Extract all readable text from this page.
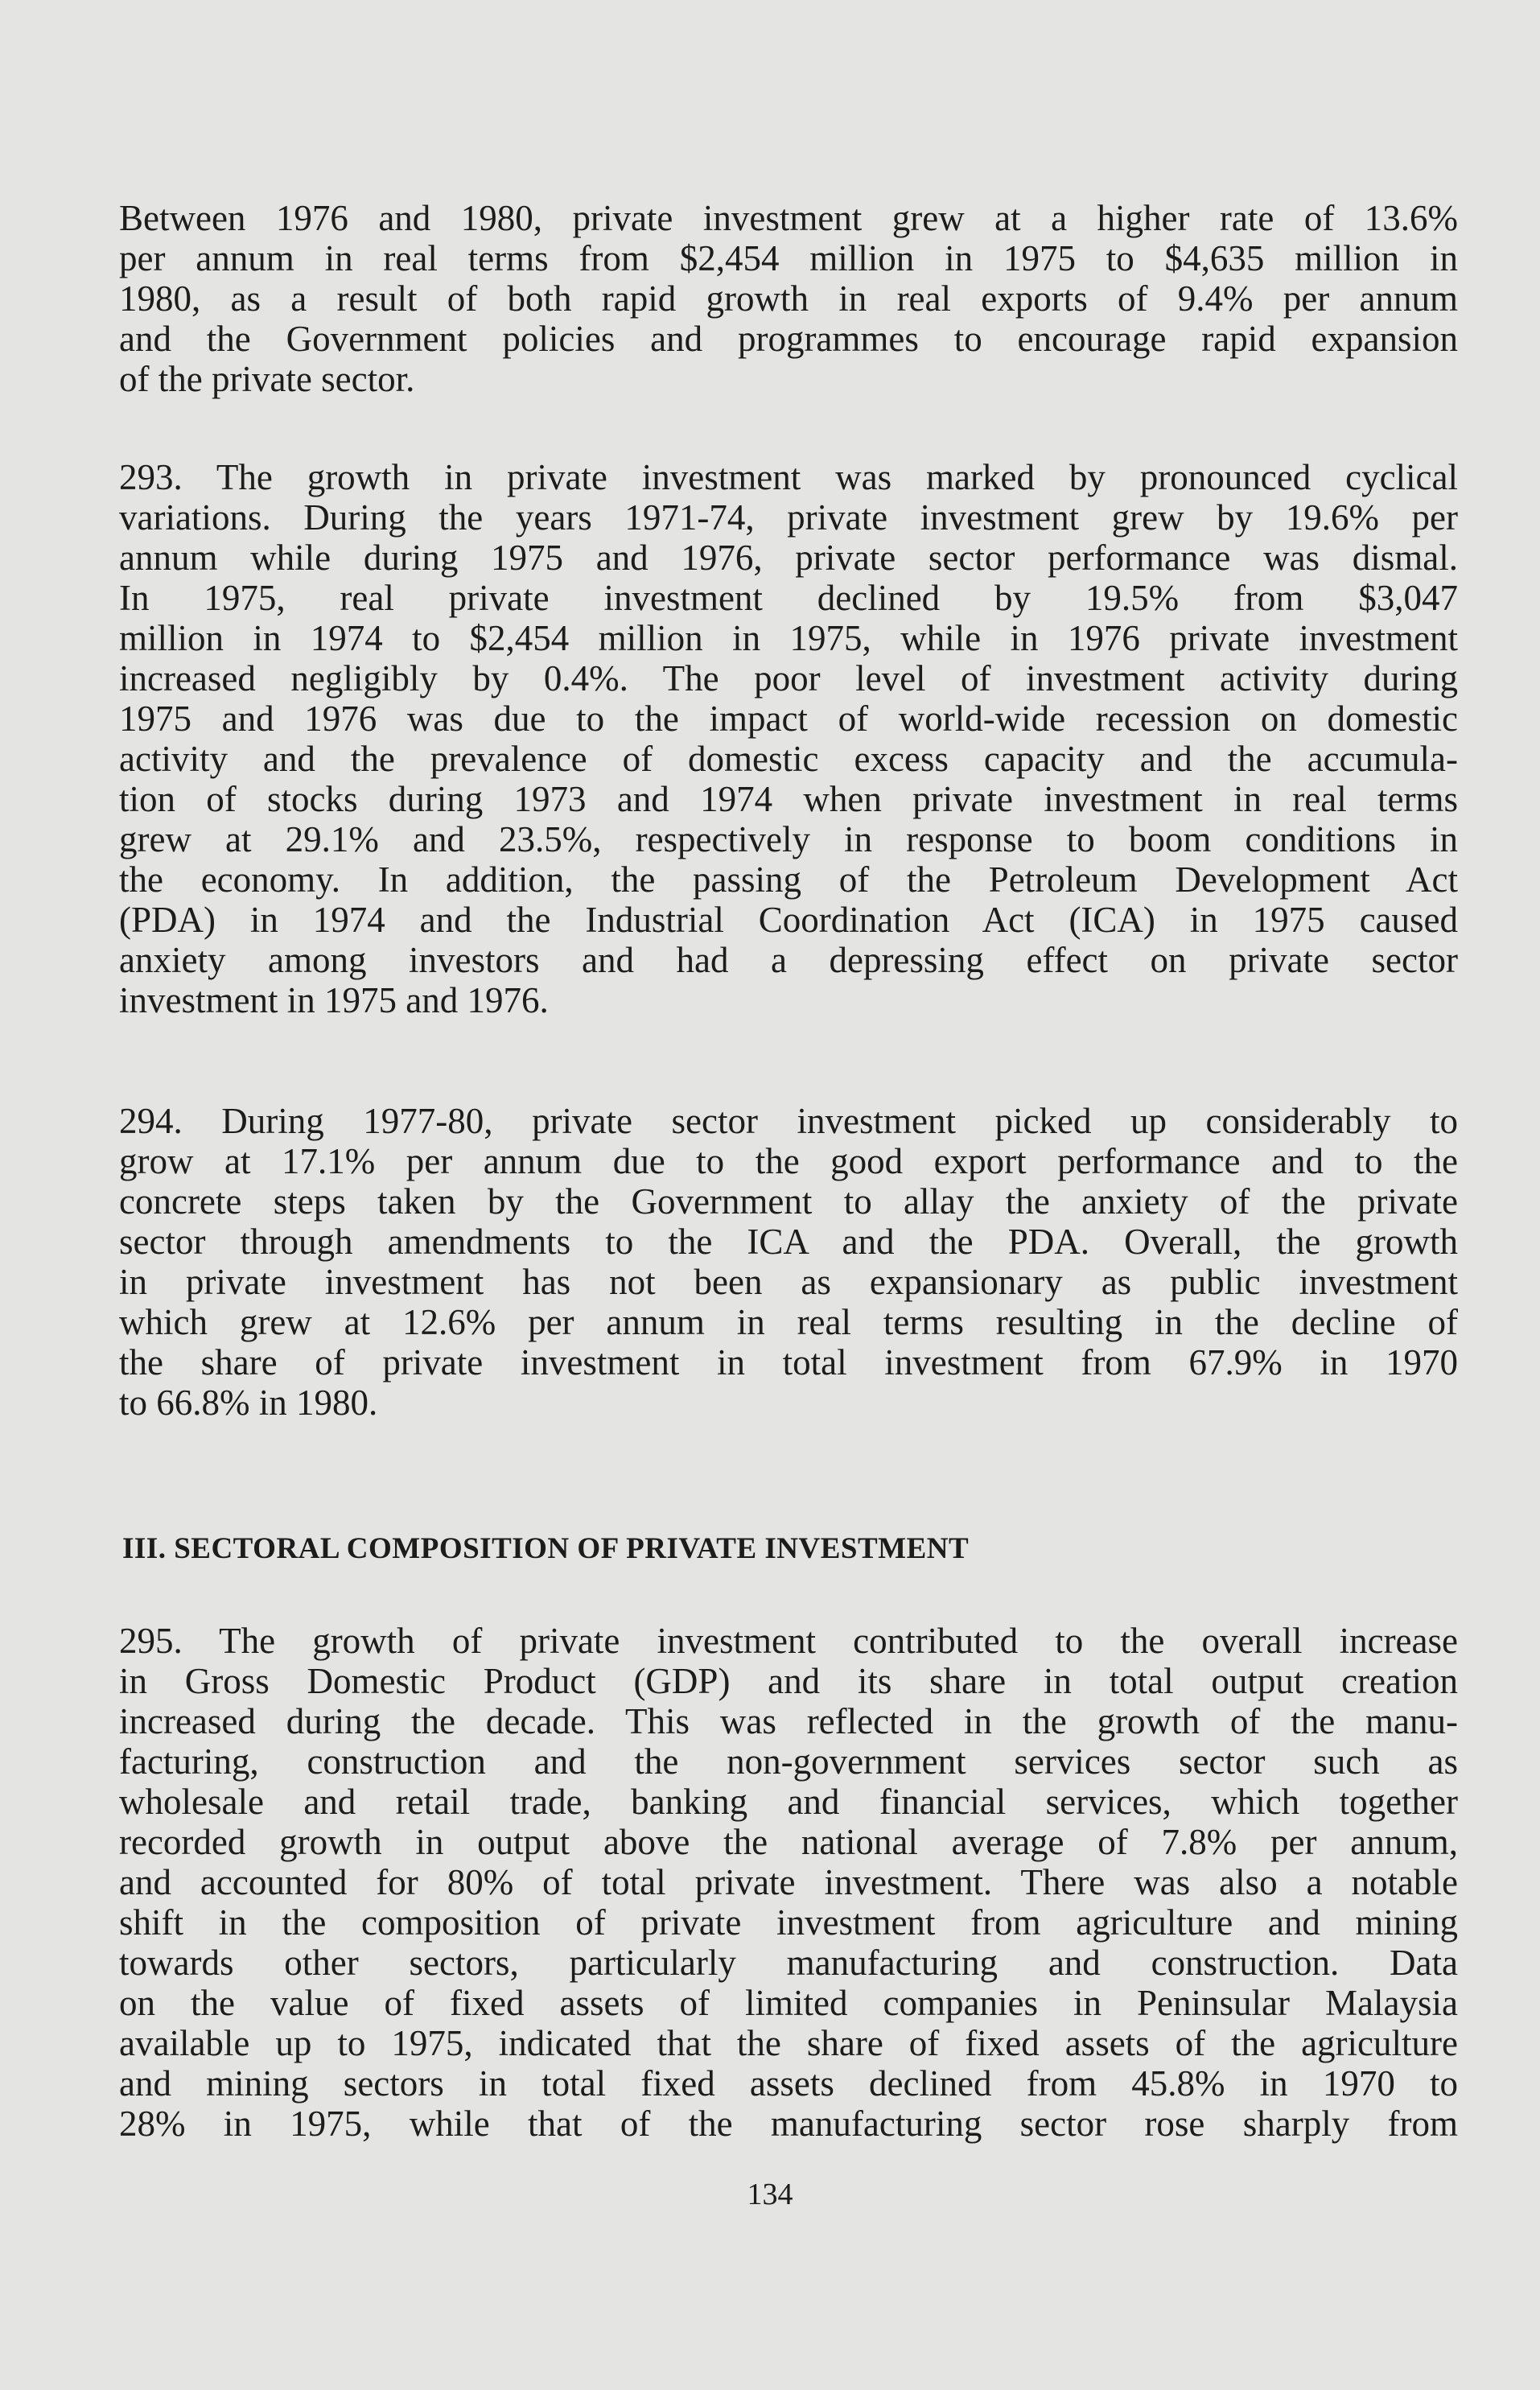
Between 1976 and 1980, private investment grew at a higher rate of 13.6%
per annum in real terms from $2,454 million in 1975 to $4,635 million in
1980, as a result of both rapid growth in real exports of 9.4% per annum
and the Government policies and programmes to encourage rapid expansion
of the private sector.
293. The growth in private investment was marked by pronounced cyclical
variations. During the years 1971-74, private investment grew by 19.6% per
annum while during 1975 and 1976, private sector performance was dismal.
In 1975, real private investment declined by 19.5% from $3,047
million in 1974 to $2,454 million in 1975, while in 1976 private investment
increased negligibly by 0.4%. The poor level of investment activity during
1975 and 1976 was due to the impact of world-wide recession on domestic
activity and the prevalence of domestic excess capacity and the accumula-
tion of stocks during 1973 and 1974 when private investment in real terms
grew at 29.1% and 23.5%, respectively in response to boom conditions in
the economy. In addition, the passing of the Petroleum Development Act
(PDA) in 1974 and the Industrial Coordination Act (ICA) in 1975 caused
anxiety among investors and had a depressing effect on private sector
investment in 1975 and 1976.
294. During 1977-80, private sector investment picked up considerably to
grow at 17.1% per annum due to the good export performance and to the
concrete steps taken by the Government to allay the anxiety of the private
sector through amendments to the ICA and the PDA. Overall, the growth
in private investment has not been as expansionary as public investment
which grew at 12.6% per annum in real terms resulting in the decline of
the share of private investment in total investment from 67.9% in 1970
to 66.8% in 1980.
III. SECTORAL COMPOSITION OF PRIVATE INVESTMENT
295. The growth of private investment contributed to the overall increase
in Gross Domestic Product (GDP) and its share in total output creation
increased during the decade. This was reflected in the growth of the manu-
facturing, construction and the non-government services sector such as
wholesale and retail trade, banking and financial services, which together
recorded growth in output above the national average of 7.8% per annum,
and accounted for 80% of total private investment. There was also a notable
shift in the composition of private investment from agriculture and mining
towards other sectors, particularly manufacturing and construction. Data
on the value of fixed assets of limited companies in Peninsular Malaysia
available up to 1975, indicated that the share of fixed assets of the agriculture
and mining sectors in total fixed assets declined from 45.8% in 1970 to
28% in 1975, while that of the manufacturing sector rose sharply from
134
